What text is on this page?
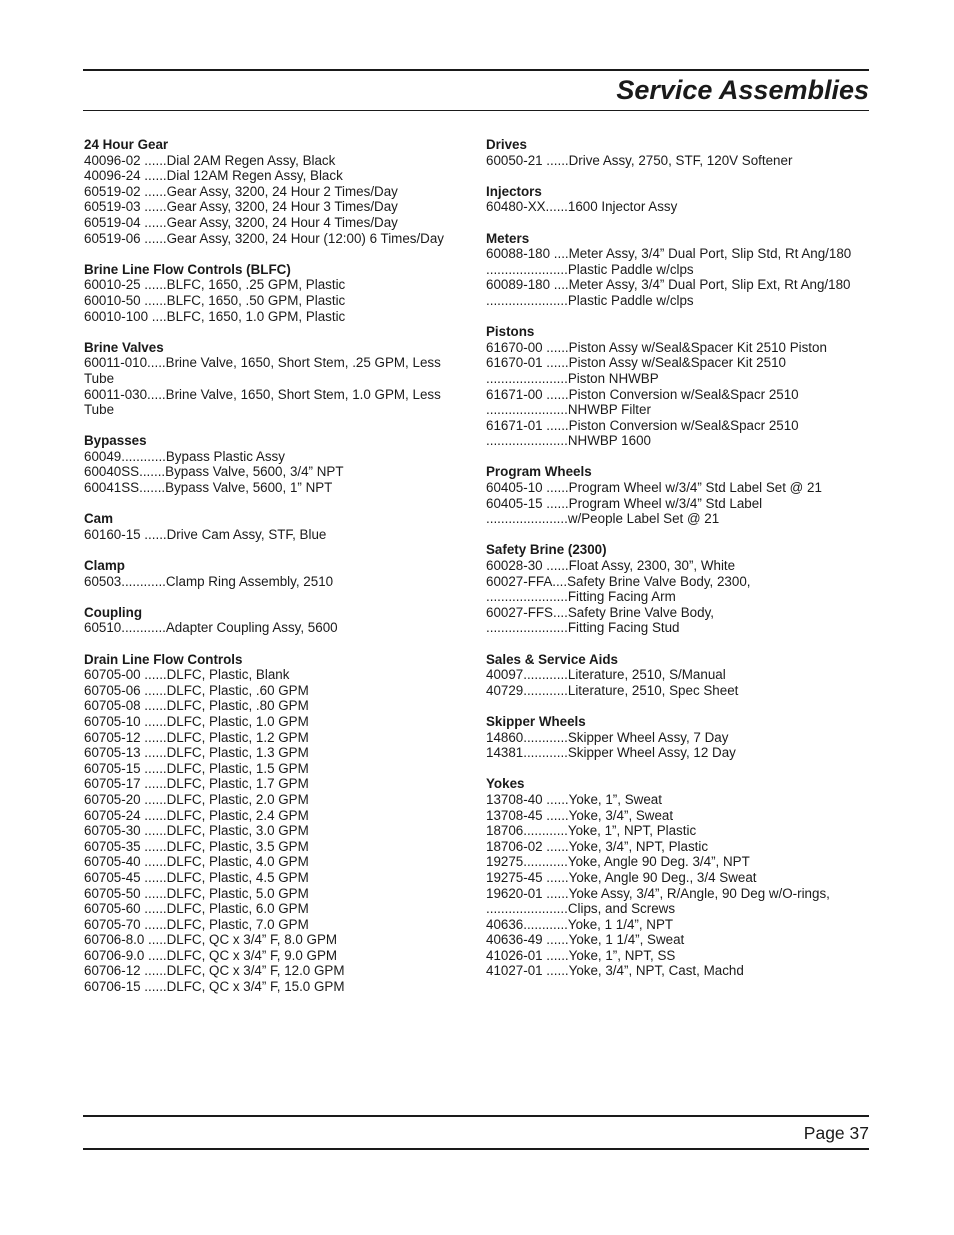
Service Assemblies
24 Hour Gear
40096-02 ......Dial 2AM Regen Assy, Black
40096-24 ......Dial 12AM Regen Assy, Black
60519-02 ......Gear Assy, 3200, 24 Hour 2 Times/Day
60519-03 ......Gear Assy, 3200, 24 Hour 3 Times/Day
60519-04 ......Gear Assy, 3200, 24 Hour 4 Times/Day
60519-06 ......Gear Assy, 3200, 24 Hour (12:00) 6 Times/Day
Brine Line Flow Controls (BLFC)
60010-25 ......BLFC, 1650, .25 GPM, Plastic
60010-50 ......BLFC, 1650, .50 GPM, Plastic
60010-100 ....BLFC, 1650, 1.0 GPM, Plastic
Brine Valves
60011-010.....Brine Valve, 1650, Short Stem, .25 GPM, Less Tube
60011-030.....Brine Valve, 1650, Short Stem, 1.0 GPM, Less Tube
Bypasses
60049............Bypass Plastic Assy
60040SS.......Bypass Valve, 5600, 3/4” NPT
60041SS.......Bypass Valve, 5600, 1” NPT
Cam
60160-15 ......Drive Cam Assy, STF, Blue
Clamp
60503............Clamp Ring Assembly, 2510
Coupling
60510............Adapter Coupling Assy, 5600
Drain Line Flow Controls
60705-00 ......DLFC, Plastic, Blank
60705-06 ......DLFC, Plastic, .60 GPM
60705-08 ......DLFC, Plastic, .80 GPM
60705-10 ......DLFC, Plastic, 1.0 GPM
60705-12 ......DLFC, Plastic, 1.2 GPM
60705-13 ......DLFC, Plastic, 1.3 GPM
60705-15 ......DLFC, Plastic, 1.5 GPM
60705-17 ......DLFC, Plastic, 1.7 GPM
60705-20 ......DLFC, Plastic, 2.0 GPM
60705-24 ......DLFC, Plastic, 2.4 GPM
60705-30 ......DLFC, Plastic, 3.0 GPM
60705-35 ......DLFC, Plastic, 3.5 GPM
60705-40 ......DLFC, Plastic, 4.0 GPM
60705-45 ......DLFC, Plastic, 4.5 GPM
60705-50 ......DLFC, Plastic, 5.0 GPM
60705-60 ......DLFC, Plastic, 6.0 GPM
60705-70 ......DLFC, Plastic, 7.0 GPM
60706-8.0 .....DLFC, QC x 3/4” F, 8.0 GPM
60706-9.0 .....DLFC, QC x 3/4” F, 9.0 GPM
60706-12 ......DLFC, QC x 3/4” F, 12.0 GPM
60706-15 ......DLFC, QC x 3/4” F, 15.0 GPM
Drives
60050-21 ......Drive Assy, 2750, STF, 120V Softener
Injectors
60480-XX......1600 Injector Assy
Meters
60088-180 ....Meter Assy, 3/4” Dual Port, Slip Std, Rt Ang/180
......................Plastic Paddle w/clps
60089-180 ....Meter Assy, 3/4” Dual Port, Slip Ext, Rt Ang/180
......................Plastic Paddle w/clps
Pistons
61670-00 ......Piston Assy w/Seal&Spacer Kit 2510 Piston
61670-01 ......Piston Assy w/Seal&Spacer Kit 2510
......................Piston NHWBP
61671-00 ......Piston Conversion w/Seal&Spacr 2510
......................NHWBP Filter
61671-01 ......Piston Conversion w/Seal&Spacr 2510
......................NHWBP 1600
Program Wheels
60405-10 ......Program Wheel w/3/4” Std Label Set @ 21
60405-15 ......Program Wheel w/3/4” Std Label
......................w/People Label Set @ 21
Safety Brine (2300)
60028-30 ......Float Assy, 2300, 30”, White
60027-FFA....Safety Brine Valve Body, 2300,
......................Fitting Facing Arm
60027-FFS....Safety Brine Valve Body,
......................Fitting Facing Stud
Sales & Service Aids
40097............Literature, 2510, S/Manual
40729............Literature, 2510, Spec Sheet
Skipper Wheels
14860............Skipper Wheel Assy, 7 Day
14381............Skipper Wheel Assy, 12 Day
Yokes
13708-40 ......Yoke, 1”, Sweat
13708-45 ......Yoke, 3/4”, Sweat
18706............Yoke, 1”, NPT, Plastic
18706-02 ......Yoke, 3/4”, NPT, Plastic
19275............Yoke, Angle 90 Deg. 3/4”, NPT
19275-45 ......Yoke, Angle 90 Deg., 3/4 Sweat
19620-01 ......Yoke Assy, 3/4”, R/Angle, 90 Deg w/O-rings,
......................Clips, and Screws
40636............Yoke, 1 1/4”, NPT
40636-49 ......Yoke, 1 1/4”, Sweat
41026-01 ......Yoke, 1”, NPT, SS
41027-01 ......Yoke, 3/4”, NPT, Cast, Machd

Page 37
